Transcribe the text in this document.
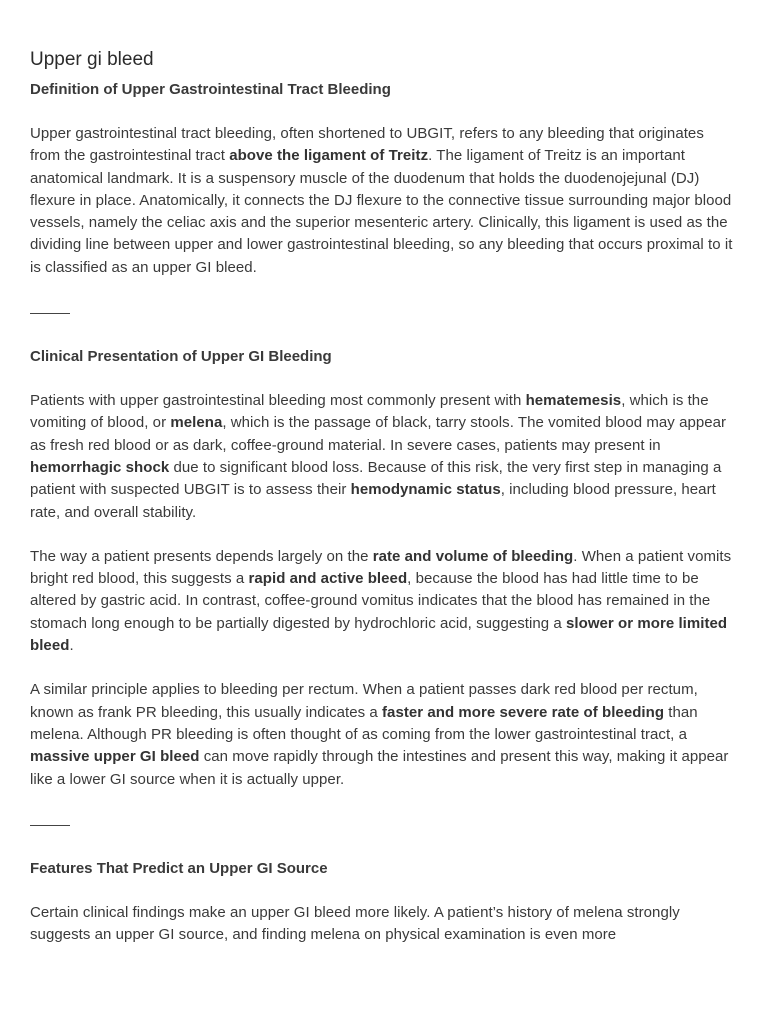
Upper gi bleed
Definition of Upper Gastrointestinal Tract Bleeding

Upper gastrointestinal tract bleeding, often shortened to UBGIT, refers to any bleeding that originates from the gastrointestinal tract above the ligament of Treitz. The ligament of Treitz is an important anatomical landmark. It is a suspensory muscle of the duodenum that holds the duodenojejunal (DJ) flexure in place. Anatomically, it connects the DJ flexure to the connective tissue surrounding major blood vessels, namely the celiac axis and the superior mesenteric artery. Clinically, this ligament is used as the dividing line between upper and lower gastrointestinal bleeding, so any bleeding that occurs proximal to it is classified as an upper GI bleed.

Clinical Presentation of Upper GI Bleeding

Patients with upper gastrointestinal bleeding most commonly present with hematemesis, which is the vomiting of blood, or melena, which is the passage of black, tarry stools. The vomited blood may appear as fresh red blood or as dark, coffee-ground material. In severe cases, patients may present in hemorrhagic shock due to significant blood loss. Because of this risk, the very first step in managing a patient with suspected UBGIT is to assess their hemodynamic status, including blood pressure, heart rate, and overall stability.

The way a patient presents depends largely on the rate and volume of bleeding. When a patient vomits bright red blood, this suggests a rapid and active bleed, because the blood has had little time to be altered by gastric acid. In contrast, coffee-ground vomitus indicates that the blood has remained in the stomach long enough to be partially digested by hydrochloric acid, suggesting a slower or more limited bleed.

A similar principle applies to bleeding per rectum. When a patient passes dark red blood per rectum, known as frank PR bleeding, this usually indicates a faster and more severe rate of bleeding than melena. Although PR bleeding is often thought of as coming from the lower gastrointestinal tract, a massive upper GI bleed can move rapidly through the intestines and present this way, making it appear like a lower GI source when it is actually upper.

Features That Predict an Upper GI Source

Certain clinical findings make an upper GI bleed more likely. A patient’s history of melena strongly suggests an upper GI source, and finding melena on physical examination is even more
